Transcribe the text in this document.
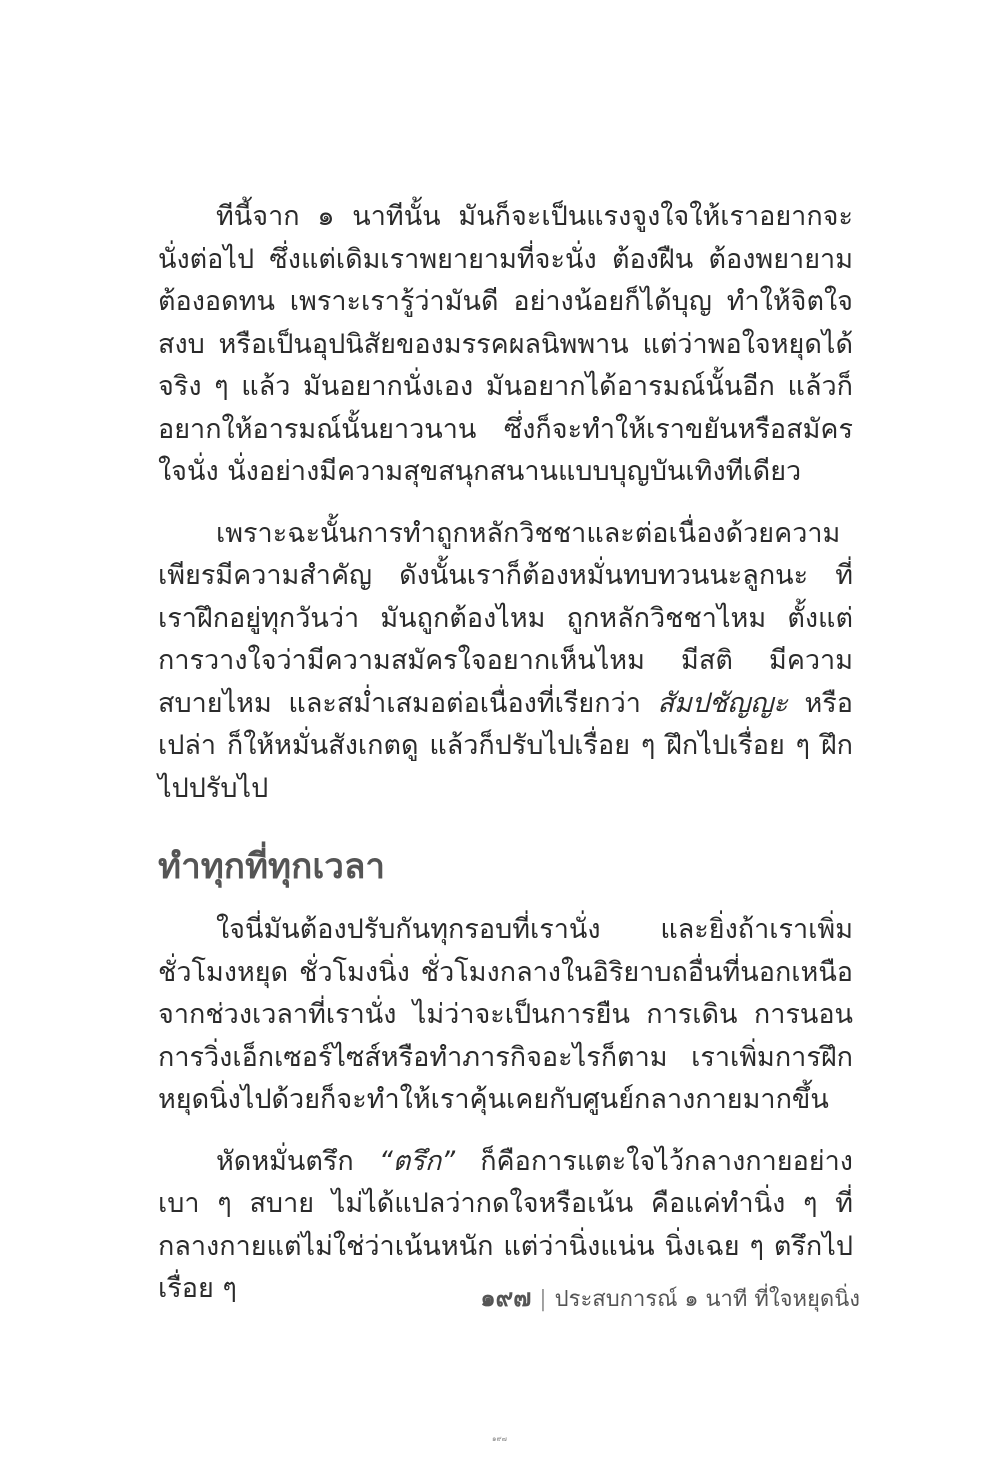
ทีนี้จาก ๑ นาทีนั้น มันก็จะเป็นแรงจูงใจให้เราอยากจะนั่งต่อไป ซึ่งแต่เดิมเราพยายามที่จะนั่ง ต้องฝืน ต้องพยายาม ต้องอดทน เพราะเรารู้ว่ามันดี อย่างน้อยก็ได้บุญ ทำให้จิตใจสงบ หรือเป็นอุปนิสัยของมรรคผลนิพพาน แต่ว่าพอใจหยุดได้จริง ๆ แล้ว มันอยากนั่งเอง มันอยากได้อารมณ์นั้นอีก แล้วก็อยากให้อารมณ์นั้นยาวนาน ซึ่งก็จะทำให้เราขยันหรือสมัครใจนั่ง นั่งอย่างมีความสุขสนุกสนานแบบบุญบันเทิงทีเดียว

เพราะฉะนั้นการทำถูกหลักวิชชาและต่อเนื่องด้วยความเพียรมีความสำคัญ ดังนั้นเราก็ต้องหมั่นทบทวนนะลูกนะ ที่เราฝึกอยู่ทุกวันว่า มันถูกต้องไหม ถูกหลักวิชชาไหม ตั้งแต่การวางใจว่ามีความสมัครใจอยากเห็นไหม มีสติ มีความสบายไหม และสม่ำเสมอต่อเนื่องที่เรียกว่า สัมปชัญญะ หรือเปล่า ก็ให้หมั่นสังเกตดู แล้วก็ปรับไปเรื่อย ๆ ฝึกไปเรื่อย ๆ ฝึกไปปรับไป

ทำทุกที่ทุกเวลา

ใจนี่มันต้องปรับกันทุกรอบที่เรานั่ง และยิ่งถ้าเราเพิ่มชั่วโมงหยุด ชั่วโมงนิ่ง ชั่วโมงกลางในอิริยาบถอื่นที่นอกเหนือจากช่วงเวลาที่เรานั่ง ไม่ว่าจะเป็นการยืน การเดิน การนอน การวิ่งเอ็กเซอร์ไซส์หรือทำภารกิจอะไรก็ตาม เราเพิ่มการฝึกหยุดนิ่งไปด้วยก็จะทำให้เราคุ้นเคยกับศูนย์กลางกายมากขึ้น

หัดหมั่นตรึก “ตรึก” ก็คือการแตะใจไว้กลางกายอย่างเบา ๆ สบาย ไม่ได้แปลว่ากดใจหรือเน้น คือแค่ทำนิ่ง ๆ ที่กลางกายแต่ไม่ใช่ว่าเน้นหนัก แต่ว่านิ่งแน่น นิ่งเฉย ๆ ตรึกไปเรื่อย ๆ	๑๙๗ | ประสบการณ์ ๑ นาที ที่ใจหยุดนิ่ง
๑๙๗
